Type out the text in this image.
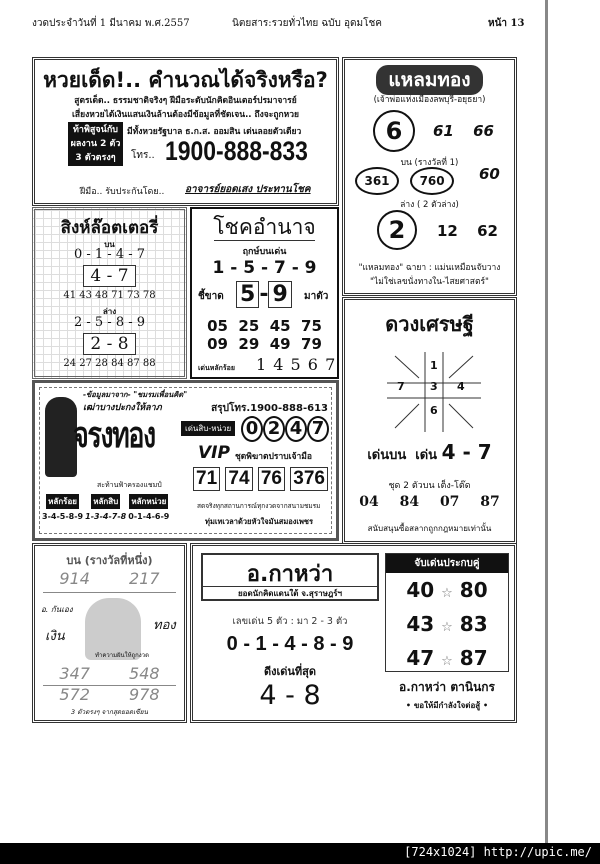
งวดประจำวันที่ 1 มีนาคม พ.ศ.2557	นิตยสาร:รวยทั่วไทย ฉบับ อุดมโชค	หน้า 13
หวยเด็ด!.. คำนวณได้จริงหรือ?
สูตรเด็ด.. ธรรมชาติจริงๆ ฝีมือระดับนักคิดอินเตอร์ปรมาจารย์
เสี่ยงหวยได้เงินแสนเงินล้านต้องมีข้อมูลที่ชัดเจน.. ถึงจะถูกหวย
ท้าพิสูจน์กับ
ผลงาน 2 ตัว
3 ตัวตรงๆ
มีทั้งหวยรัฐบาล ธ.ก.ส. ออมสิน เด่นลอยตัวเดียว
โทร.. 1900-888-833
ฝีมือ.. รับประกันโดย.. อาจารย์ยอดเสง ประทานโชค
แหลมทอง
(เจ้าพ่อแห่งเมืองลพบุรี-อยุธยา)
6	61 66
บน (รางวัลที่ 1)
361	760	60
ล่าง ( 2 ตัวล่าง)
2	12 62
"แหลมทอง" ฉายา : แม่นเหมือนจับวาง
"ไม่ใช่เลขนั่งทางใน-ไสยศาสตร์"
สิงห์ล๊อตเตอรี่
บน
0 - 1 - 4 - 7
4 - 7
41 43 48 71 73 78
ล่าง
2 - 5 - 8 - 9
2 - 8
24 27 28 84 87 88
โชคอำนาจ
ฤกษ์บนเด่น
1 - 5 - 7 - 9
ชี้ขาด 5 - 9	มาตัว
05  25  45  75
09  29  49  79
เด่นหลักร้อย 1 4 5 6 7
-ข้อมูลมาจาก- "ชมรมเพื่อนคิด"
สรุปโทร.1900-888-613
เฒ่าบางปะกงให้ลาภ
จรงทอง
สะท้านฟ้าครองแชมป์
เด่นสิบ-หน่วย 0 2 4 7
VIP ชุดพิฆาตปราบเจ้ามือ
71 74 76 376
หลักร้อย
3-4-5-8-9
หลักสิบ
1-3-4-7-8
หลักหน่วย
0-1-4-6-9
สดจริงทุกสถานการณ์ทุกงวดจากสนามชมรม
ทุ่มเทเวลาด้วยหัวใจมันสมองเพชร
ดวงเศรษฐี
1
7 3 4
6
เด่นบน  เด่น 4 - 7
ชุด 2 ตัวบน เต็ง-โต๊ด
04 84 07 87
สนับสนุนซื้อสลากถูกกฎหมายเท่านั้น
บน (รางวัลที่หนึ่ง)
914 217
อ. กันเอง
เงิน
ทอง
ทำความฝันให้ถูกงวด
347 548
572 978
3 ตัวตรงๆ จากสุดยอดเซียน
อ.กาหว่า
ยอดนักคิดแดนใต้ จ.สุราษฎร์ฯ
เลขเด่น 5 ตัว : มา 2 - 3 ตัว
0 - 1 - 4 - 8 - 9
ดีงเด่นที่สุด
4 - 8
จับเด่นประกบคู่
40 ☆ 80
43 ☆ 83
47 ☆ 87
อ.กาหว่า ตานินกร
• ขอให้มีกำลังใจต่อสู้ •
[724x1024] http://upic.me/
